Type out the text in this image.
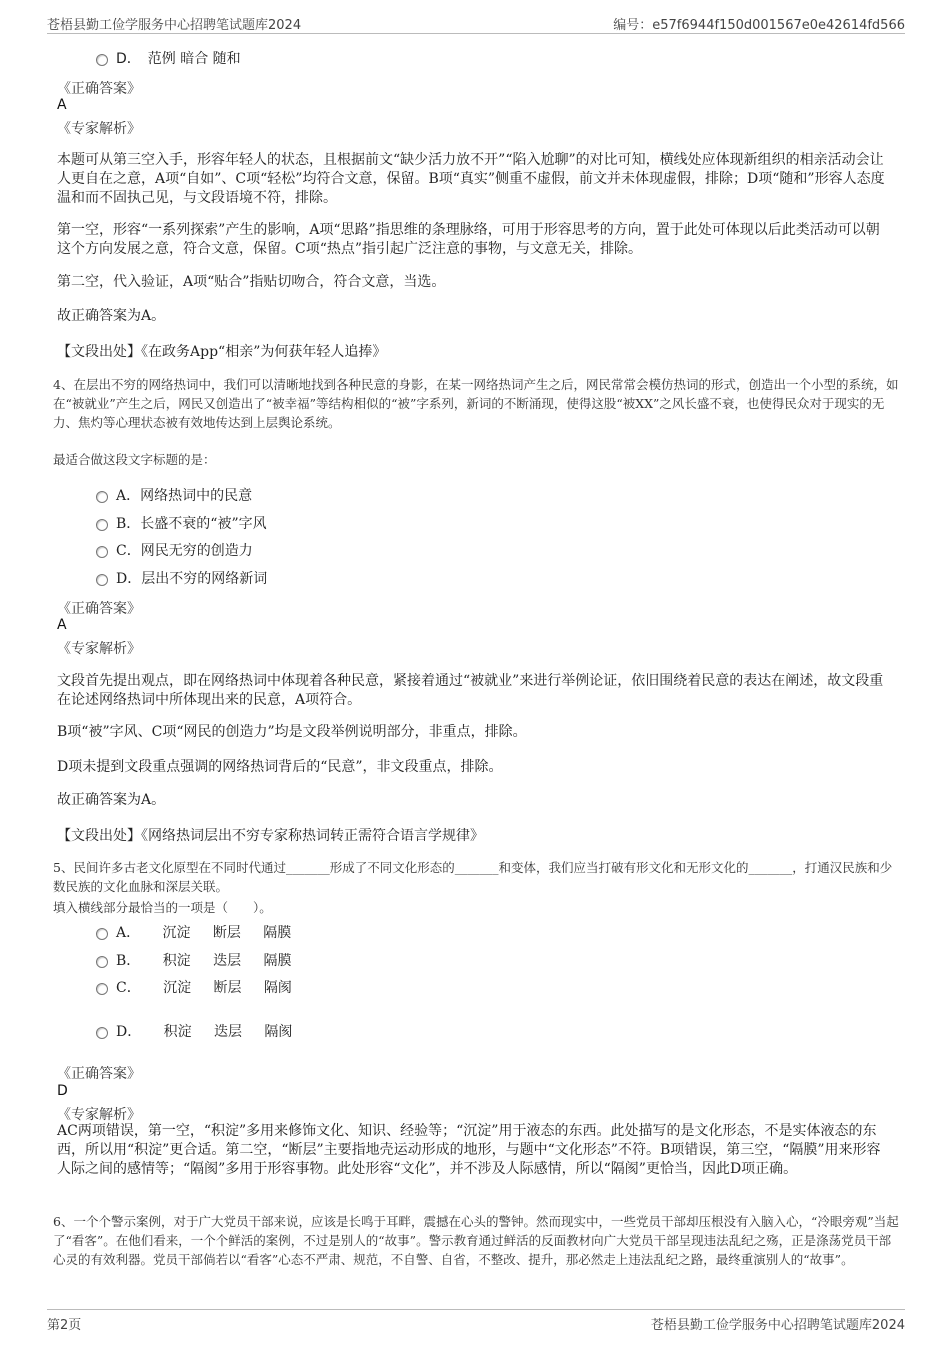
苍梧县勤工俭学服务中心招聘笔试题库2024	编号：e57f6944f150d001567e0e42614fd566
D．　范例 暗合 随和
《正确答案》
A
《专家解析》
本题可从第三空入手，形容年轻人的状态，且根据前文“缺少活力放不开”“陷入尬聊”的对比可知，横线处应体现新组织的相亲活动会让人更自在之意，A项“自如”、C项“轻松”均符合文意，保留。B项“真实”侧重不虚假，前文并未体现虚假，排除；D项“随和”形容人态度温和而不固执己见，与文段语境不符，排除。
第一空，形容“一系列探索”产生的影响，A项“思路”指思维的条理脉络，可用于形容思考的方向，置于此处可体现以后此类活动可以朝这个方向发展之意，符合文意，保留。C项“热点”指引起广泛注意的事物，与文意无关，排除。
第二空，代入验证，A项“贴合”指贴切吻合，符合文意，当选。
故正确答案为A。
【文段出处】《在政务App“相亲”为何获年轻人追捧》
4、在层出不穷的网络热词中，我们可以清晰地找到各种民意的身影，在某一网络热词产生之后，网民常常会模仿热词的形式，创造出一个小型的系统，如在“被就业”产生之后，网民又创造出了“被幸福”等结构相似的“被”字系列，新词的不断涌现，使得这股“被XX”之风长盛不衰，也使得民众对于现实的无力、焦灼等心理状态被有效地传达到上层舆论系统。
最适合做这段文字标题的是：
A．网络热词中的民意
B．长盛不衰的“被”字风
C．网民无穷的创造力
D．层出不穷的网络新词
《正确答案》
A
《专家解析》
文段首先提出观点，即在网络热词中体现着各种民意，紧接着通过“被就业”来进行举例论证，依旧围绕着民意的表达在阐述，故文段重在论述网络热词中所体现出来的民意，A项符合。
B项“被”字风、C项“网民的创造力”均是文段举例说明部分，非重点，排除。
D项未提到文段重点强调的网络热词背后的“民意”，非文段重点，排除。
故正确答案为A。
【文段出处】《网络热词层出不穷专家称热词转正需符合语言学规律》
5、民间许多古老文化原型在不同时代通过_______形成了不同文化形态的_______和变体，我们应当打破有形文化和无形文化的_______，打通汉民族和少数民族的文化血脉和深层关联。
填入横线部分最恰当的一项是（　　）。
A． 沉淀 断层 隔膜
B． 积淀 迭层 隔膜
C． 沉淀 断层 隔阂
D． 积淀 迭层 隔阂
《正确答案》
D
《专家解析》
AC两项错误，第一空，“积淀”多用来修饰文化、知识、经验等；“沉淀”用于液态的东西。此处描写的是文化形态，不是实体液态的东西，所以用“积淀”更合适。第二空，“断层”主要指地壳运动形成的地形，与题中“文化形态”不符。B项错误，第三空，“隔膜”用来形容人际之间的感情等；“隔阂”多用于形容事物。此处形容“文化”，并不涉及人际感情，所以“隔阂”更恰当，因此D项正确。
6、一个个警示案例，对于广大党员干部来说，应该是长鸣于耳畔，震撼在心头的警钟。然而现实中，一些党员干部却压根没有入脑入心，“冷眼旁观”当起了“看客”。在他们看来，一个个鲜活的案例，不过是别人的“故事”。警示教育通过鲜活的反面教材向广大党员干部呈现违法乱纪之殇，正是涤荡党员干部心灵的有效利器。党员干部倘若以“看客”心态不严肃、规范，不自警、自省，不整改、提升，那必然走上违法乱纪之路，最终重演别人的“故事”。
第2页	苍梧县勤工俭学服务中心招聘笔试题库2024
